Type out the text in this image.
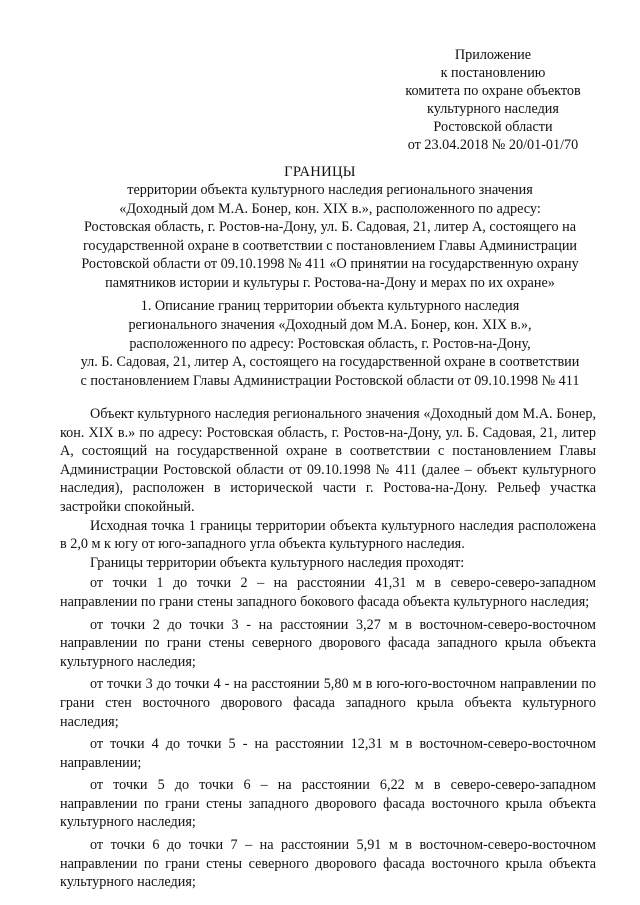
Приложение
к постановлению
комитета по охране объектов
культурного наследия
Ростовской области
от 23.04.2018 № 20/01-01/70
ГРАНИЦЫ
территории объекта культурного наследия регионального значения
«Доходный дом М.А. Бонер, кон. XIX в.», расположенного по адресу:
Ростовская область, г. Ростов-на-Дону, ул. Б. Садовая, 21, литер А, состоящего на
государственной охране в соответствии с постановлением Главы Администрации
Ростовской области от 09.10.1998 № 411 «О принятии на государственную охрану
памятников истории и культуры г. Ростова-на-Дону и мерах по их охране»
1. Описание границ территории объекта культурного наследия
регионального значения «Доходный дом М.А. Бонер, кон. XIX в.»,
расположенного по адресу: Ростовская область, г. Ростов-на-Дону,
ул. Б. Садовая, 21, литер А, состоящего на государственной охране в соответствии
с постановлением Главы Администрации Ростовской области от 09.10.1998 № 411

Объект культурного наследия регионального значения «Доходный дом М.А. Бонер, кон. XIX в.» по адресу: Ростовская область, г. Ростов-на-Дону, ул. Б. Садовая, 21, литер А, состоящий на государственной охране в соответствии с постановлением Главы Администрации Ростовской области от 09.10.1998 № 411 (далее – объект культурного наследия), расположен в исторической части г. Ростова-на-Дону. Рельеф участка застройки спокойный.

Исходная точка 1 границы территории объекта культурного наследия расположена в 2,0 м к югу от юго-западного угла объекта культурного наследия.

Границы территории объекта культурного наследия проходят:

от точки 1 до точки 2 – на расстоянии 41,31 м в северо-северо-западном направлении по грани стены западного бокового фасада объекта культурного наследия;

от точки 2 до точки 3 - на расстоянии 3,27 м в восточном-северо-восточном направлении по грани стены северного дворового фасада западного крыла объекта культурного наследия;

от точки 3 до точки 4 - на расстоянии 5,80 м в юго-юго-восточном направлении по грани стен восточного дворового фасада западного крыла объекта культурного наследия;

от точки 4 до точки 5 - на расстоянии 12,31 м в восточном-северо-восточном направлении;

от точки 5 до точки 6 – на расстоянии 6,22 м в северо-северо-западном направлении по грани стены западного дворового фасада восточного крыла объекта культурного наследия;

от точки 6 до точки 7 – на расстоянии 5,91 м в восточном-северо-восточном направлении по грани стены северного дворового фасада восточного крыла объекта культурного наследия;
